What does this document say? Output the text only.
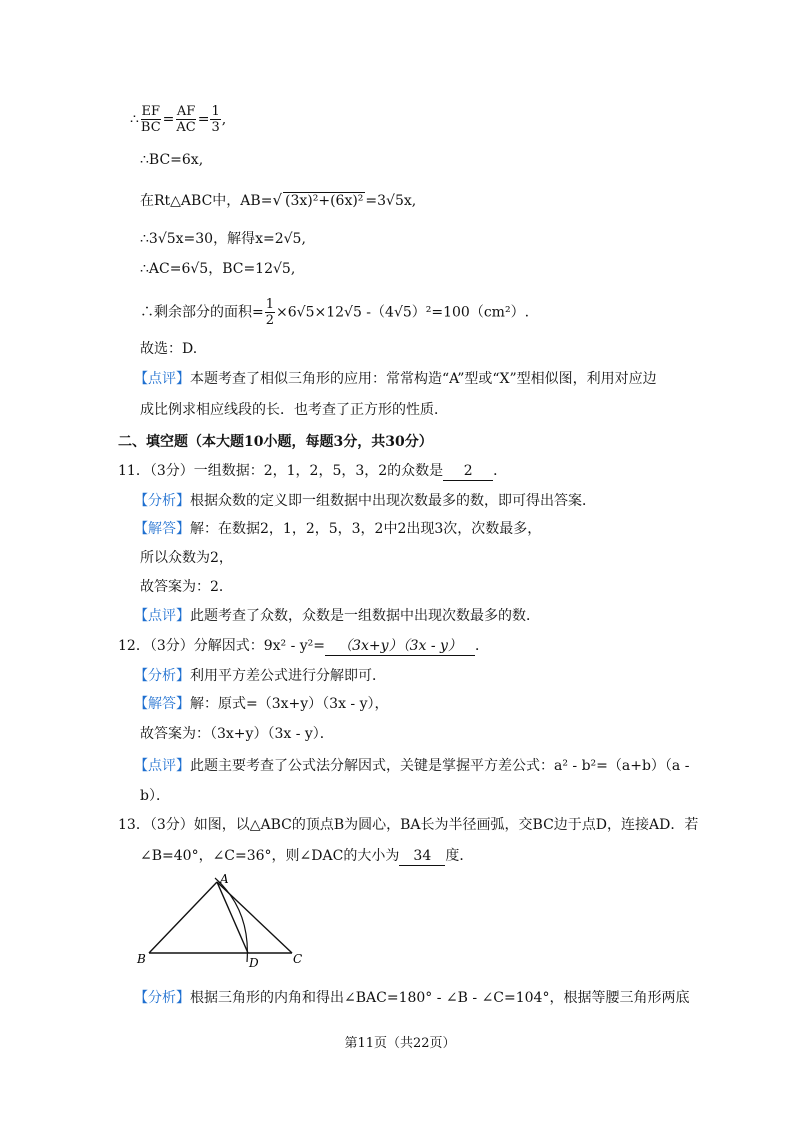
∴ $\frac{EF}{BC} = \frac{AF}{AC} = \frac{1}{3}$ ,
∴BC=6x,
在Rt△ABC中，AB=√ (3x)²+(6x)² =3√5x,
∴3√5x=30，解得x=2√5,
∴AC=6√5，BC=12√5,
∴剩余部分的面积= $\frac{1}{2} \times 6√5\times 12√5$ -（4√5）²=100（cm²）.
故选：D.
【点评】本题考查了相似三角形的应用：常常构造“A”型或“X”型相似图，利用对应边
成比例求相应线段的长．也考查了正方形的性质．
二、填空题（本大题10小题，每题3分，共30分）
11．（3分）一组数据：2，1，2，5，3，2的众数是 2 ．
【分析】根据众数的定义即一组数据中出现次数最多的数，即可得出答案．
【解答】解：在数据2，1，2，5，3，2中2出现3次，次数最多，
所以众数为2，
故答案为：2．
【点评】此题考查了众数，众数是一组数据中出现次数最多的数．
12．（3分）分解因式：9x² - y²= （3x+y）（3x - y） ．
【分析】利用平方差公式进行分解即可．
【解答】解：原式=（3x+y）（3x - y），
故答案为：（3x+y）（3x - y）．
【点评】此题主要考查了公式法分解因式，关键是掌握平方差公式：a² - b²=（a+b）（a -
b）．
13．（3分）如图，以△ABC的顶点B为圆心，BA长为半径画弧，交BC边于点D，连接AD．若
∠B=40°，∠C=36°，则∠DAC的大小为 34 度．
A
B	C
D
【分析】根据三角形的内角和得出∠BAC=180° - ∠B - ∠C=104°，根据等腰三角形两底
第11页（共22页）
